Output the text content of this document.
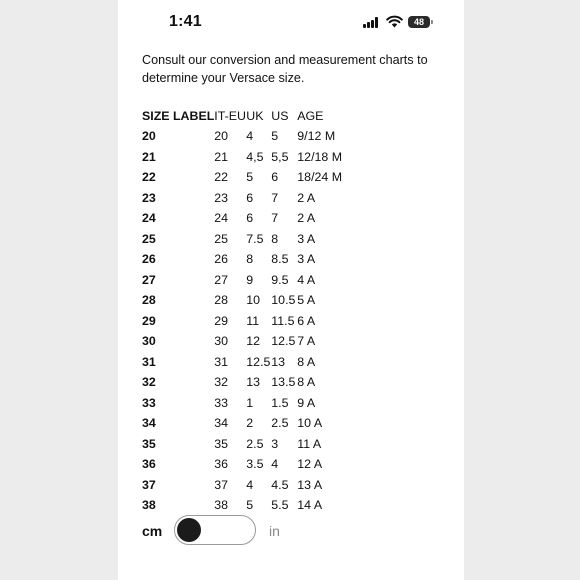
1:41	48
Consult our conversion and measurement charts to determine your Versace size.
SIZE LABEL	IT-EU	UK	US	AGE
20	20	4	5	9/12 M
21	21	4,5	5,5	12/18 M
22	22	5	6	18/24 M
23	23	6	7	2 A
24	24	6	7	2 A
25	25	7.5	8	3 A
26	26	8	8.5	3 A
27	27	9	9.5	4 A
28	28	10	10.5	5 A
29	29	11	11.5	6 A
30	30	12	12.5	7 A
31	31	12.5	13	8 A
32	32	13	13.5	8 A
33	33	1	1.5	9 A
34	34	2	2.5	10 A
35	35	2.5	3	11 A
36	36	3.5	4	12 A
37	37	4	4.5	13 A
38	38	5	5.5	14 A
cm	in
